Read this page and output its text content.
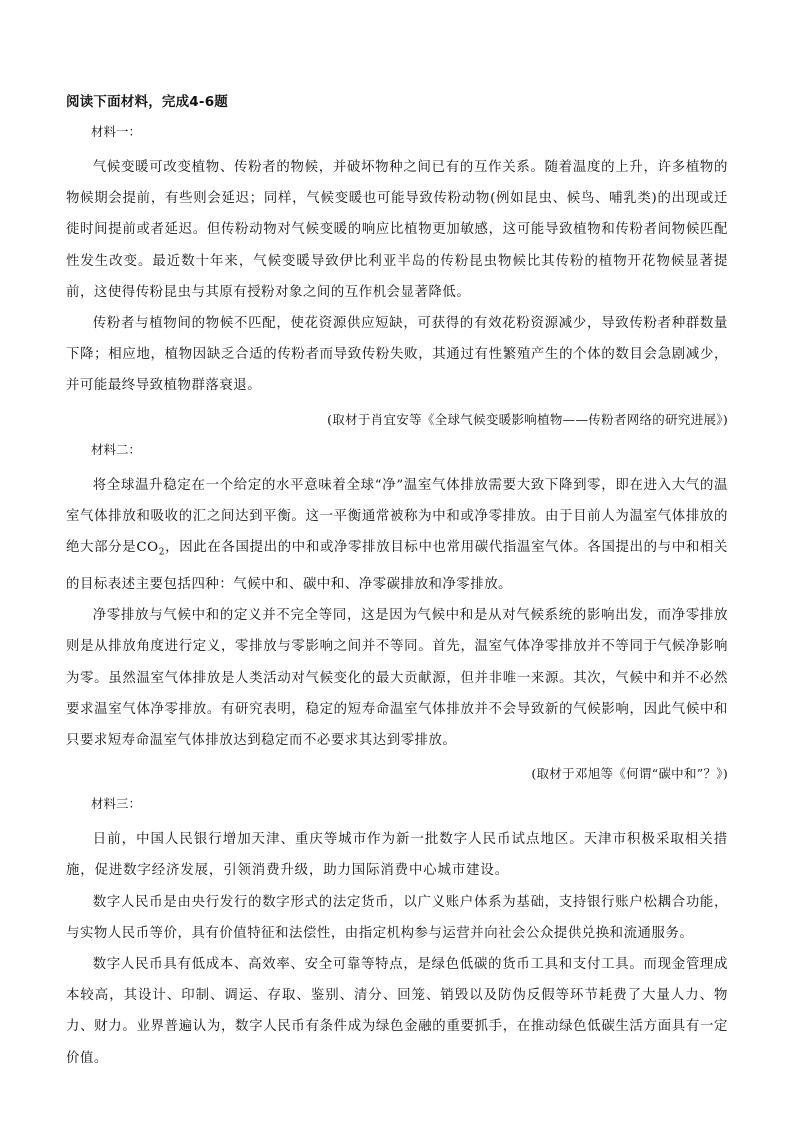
阅读下面材料，完成4-6题
材料一：

气候变暖可改变植物、传粉者的物候，并破坏物种之间已有的互作关系。随着温度的上升，许多植物的物候期会提前，有些则会延迟；同样，气候变暖也可能导致传粉动物(例如昆虫、候鸟、哺乳类)的出现或迁徙时间提前或者延迟。但传粉动物对气候变暖的响应比植物更加敏感，这可能导致植物和传粉者间物候匹配性发生改变。最近数十年来，气候变暖导致伊比利亚半岛的传粉昆虫物候比其传粉的植物开花物候显著提前，这使得传粉昆虫与其原有授粉对象之间的互作机会显著降低。

传粉者与植物间的物候不匹配，使花资源供应短缺，可获得的有效花粉资源减少，导致传粉者种群数量下降；相应地，植物因缺乏合适的传粉者而导致传粉失败，其通过有性繁殖产生的个体的数目会急剧减少，并可能最终导致植物群落衰退。

(取材于肖宜安等《全球气候变暖影响植物——传粉者网络的研究进展》)
材料二：

将全球温升稳定在一个给定的水平意味着全球“净”温室气体排放需要大致下降到零，即在进入大气的温室气体排放和吸收的汇之间达到平衡。这一平衡通常被称为中和或净零排放。由于目前人为温室气体排放的绝大部分是$CO_2$，因此在各国提出的中和或净零排放目标中也常用碳代指温室气体。各国提出的与中和相关的目标表述主要包括四种：气候中和、碳中和、净零碳排放和净零排放。

净零排放与气候中和的定义并不完全等同，这是因为气候中和是从对气候系统的影响出发，而净零排放则是从排放角度进行定义，零排放与零影响之间并不等同。首先，温室气体净零排放并不等同于气候净影响为零。虽然温室气体排放是人类活动对气候变化的最大贡献源，但并非唯一来源。其次，气候中和并不必然要求温室气体净零排放。有研究表明，稳定的短寿命温室气体排放并不会导致新的气候影响，因此气候中和只要求短寿命温室气体排放达到稳定而不必要求其达到零排放。

(取材于邓旭等《何谓“碳中和”？》)
材料三：

日前，中国人民银行增加天津、重庆等城市作为新一批数字人民币试点地区。天津市积极采取相关措施，促进数字经济发展，引领消费升级，助力国际消费中心城市建设。

数字人民币是由央行发行的数字形式的法定货币，以广义账户体系为基础，支持银行账户松耦合功能，与实物人民币等价，具有价值特征和法偿性，由指定机构参与运营并向社会公众提供兑换和流通服务。

数字人民币具有低成本、高效率、安全可靠等特点，是绿色低碳的货币工具和支付工具。而现金管理成本较高，其设计、印制、调运、存取、鉴别、清分、回笼、销毁以及防伪反假等环节耗费了大量人力、物力、财力。业界普遍认为，数字人民币有条件成为绿色金融的重要抓手，在推动绿色低碳生活方面具有一定价值。
